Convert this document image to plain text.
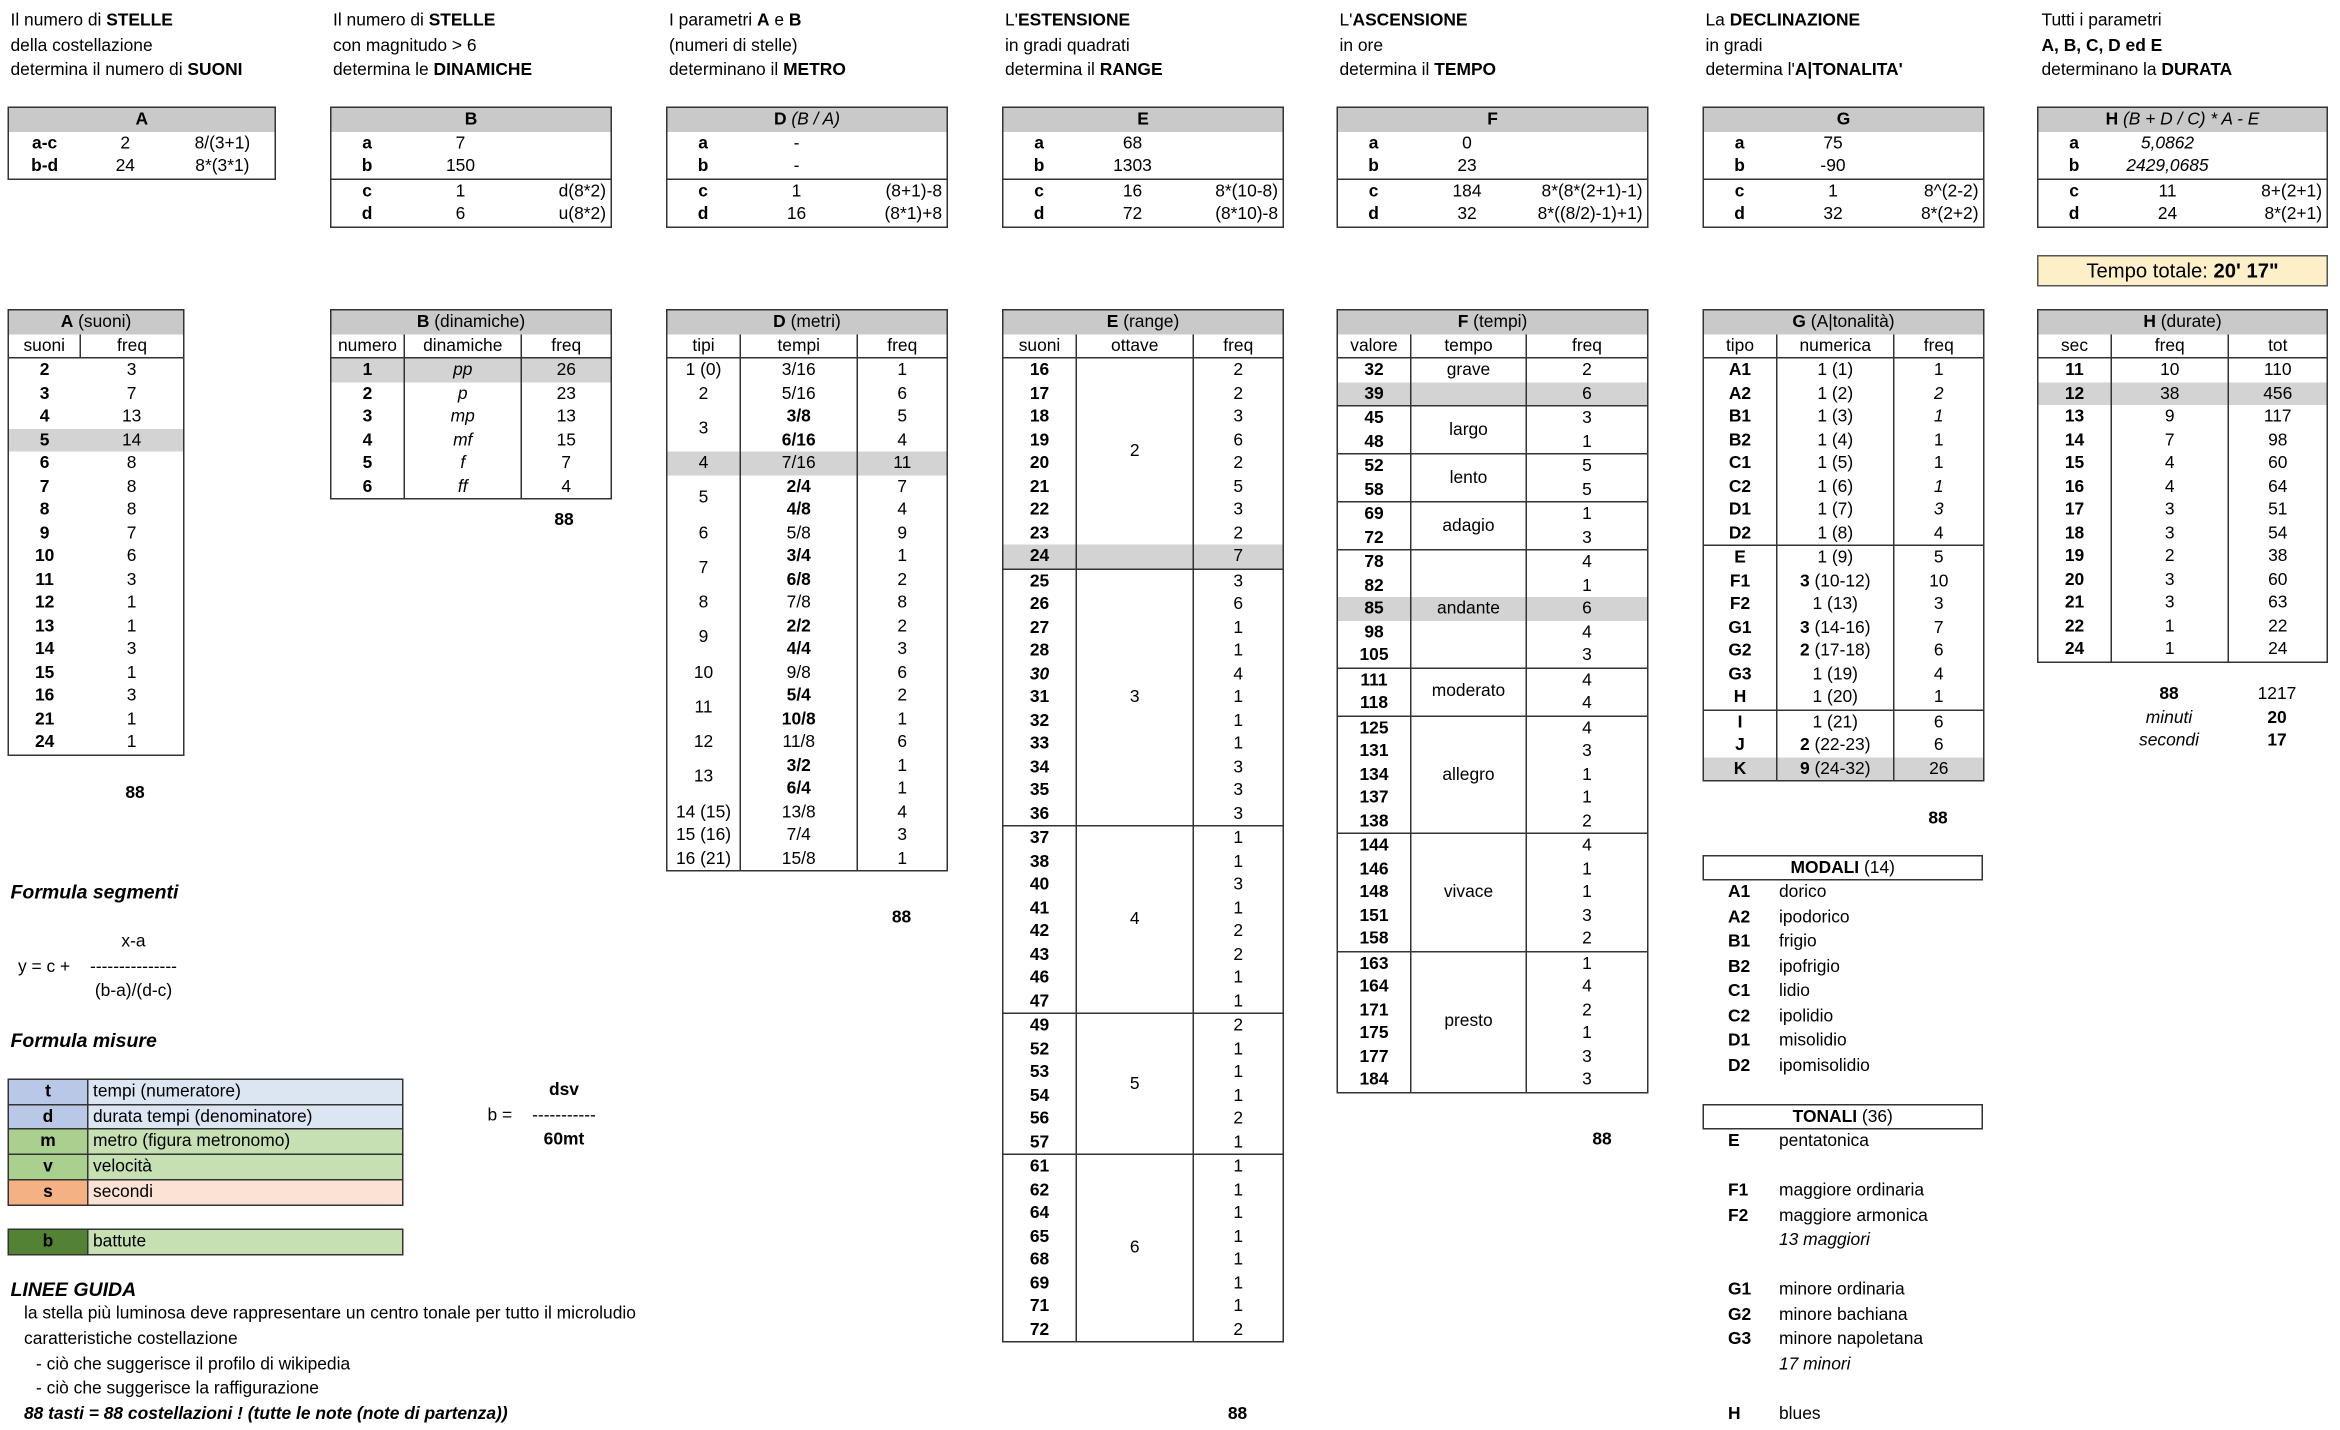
Il numero di STELLE
della costellazione
determina il numero di SUONI
Il numero di STELLE
con magnitudo > 6
determina le DINAMICHE
I parametri A e B
(numeri di stelle)
determinano il METRO
L'ESTENSIONE
in gradi quadrati
determina il RANGE
L'ASCENSIONE
in ore
determina il TEMPO
La DECLINAZIONE
in gradi
determina l'A|TONALITA'
Tutti i parametri
A, B, C, D ed E
determinano la DURATA
A		
a-c	2	8/(3+1)
b-d	24	8*(3*1)
B		
a	7	
b	150	
c	1	d(8*2)
d	6	u(8*2)
D (B / A)		
a	-	
b	-	
c	1	(8+1)-8
d	16	(8*1)+8
E		
a	68	
b	1303	
c	16	8*(10-8)
d	72	(8*10)-8
F		
a	0	
b	23	
c	184	8*(8*(2+1)-1)
d	32	8*((8/2)-1)+1)
G		
a	75	
b	-90	
c	1	8^(2-2)
d	32	8*(2+2)
H (B + D / C) * A - E		
a	5,0862	
b	2429,0685	
c	11	8+(2+1)
d	24	8*(2+1)
Tempo totale: 20' 17"
A (suoni)	
suoni	freq
2	3
3	7
4	13
5	14
6	8
7	8
8	8
9	7
10	6
11	3
12	1
13	1
14	3
15	1
16	3
21	1
24	1
88
B (dinamiche)		
numero	dinamiche	freq
1	pp	26
2	p	23
3	mp	13
4	mf	15
5	f	7
6	ff	4
88
D (metri)		
tipi	tempi	freq
1 (0)	3/16	1
2	5/16	6
3	3/8	5
	6/16	4
4	7/16	11
5	2/4	7
	4/8	4
6	5/8	9
7	3/4	1
	6/8	2
8	7/8	8
9	2/2	2
	4/4	3
10	9/8	6
11	5/4	2
	10/8	1
12	11/8	6
13	3/2	1
	6/4	1
14 (15)	13/8	4
15 (16)	7/4	3
16 (21)	15/8	1
88
E (range)		
suoni	ottave	freq
16	2	2
17		2
18		3
19		6
20		2
21		5
22		3
23		2
24		7
25	3	3
26		6
27		1
28		1
30		4
31		1
32		1
33		1
34		3
35		3
36		3
37	4	1
38		1
40		3
41		1
42		2
43		2
46		1
47		1
49	5	2
52		1
53		1
54		1
56		2
57		1
61	6	1
62		1
64		1
65		1
68		1
69		1
71		1
72		2
88
F (tempi)		
valore	tempo	freq
32	grave	2
39		6
45	largo	3
48		1
52	lento	5
58		5
69	adagio	1
72		3
78		4
82		1
85	andante	6
98		4
105		3
111	moderato	4
118		4
125	allegro	4
131		3
134		1
137		1
138		2
144	vivace	4
146		1
148		1
151		3
158		2
163	presto	1
164		4
171		2
175		1
177		3
184		3
88
G (A|tonalità)		
tipo	numerica	freq
A1	1 (1)	1
A2	1 (2)	2
B1	1 (3)	1
B2	1 (4)	1
C1	1 (5)	1
C2	1 (6)	1
D1	1 (7)	3
D2	1 (8)	4
E	1 (9)	5
F1	3 (10-12)	10
F2	1 (13)	3
G1	3 (14-16)	7
G2	2 (17-18)	6
G3	1 (19)	4
H	1 (20)	1
I	1 (21)	6
J	2 (22-23)	6
K	9 (24-32)	26
88
H (durate)		
sec	freq	tot
11	10	110
12	38	456
13	9	117
14	7	98
15	4	60
16	4	64
17	3	51
18	3	54
19	2	38
20	3	60
21	3	63
22	1	22
24	1	24
	88	1217
	minuti	20
	secondi	17
MODALI (14)
A1 dorico
A2 ipodorico
B1 frigio
B2 ipofrigio
C1 lidio
C2 ipolidio
D1 misolidio
D2 ipomisolidio
TONALI (36)
E	pentatonica
F1	maggiore ordinaria
F2	maggiore armonica
13 maggiori
G1 minore ordinaria
G2 minore bachiana
G3 minore napoletana
17 minori
H	blues
Formula segmenti
y = c +
x-a
---------------
(b-a)/(d-c)
Formula misure
t	tempi (numeratore)
d	durata tempi (denominatore)
m	metro (figura metronomo)
v	velocità
s	secondi
b	battute
b =
dsv
-----------
60mt
LINEE GUIDA
la stella più luminosa deve rappresentare un centro tonale per tutto il microludio
caratteristiche costellazione
- ciò che suggerisce il profilo di wikipedia
- ciò che suggerisce la raffigurazione
88 tasti = 88 costellazioni ! (tutte le note (note di partenza))
